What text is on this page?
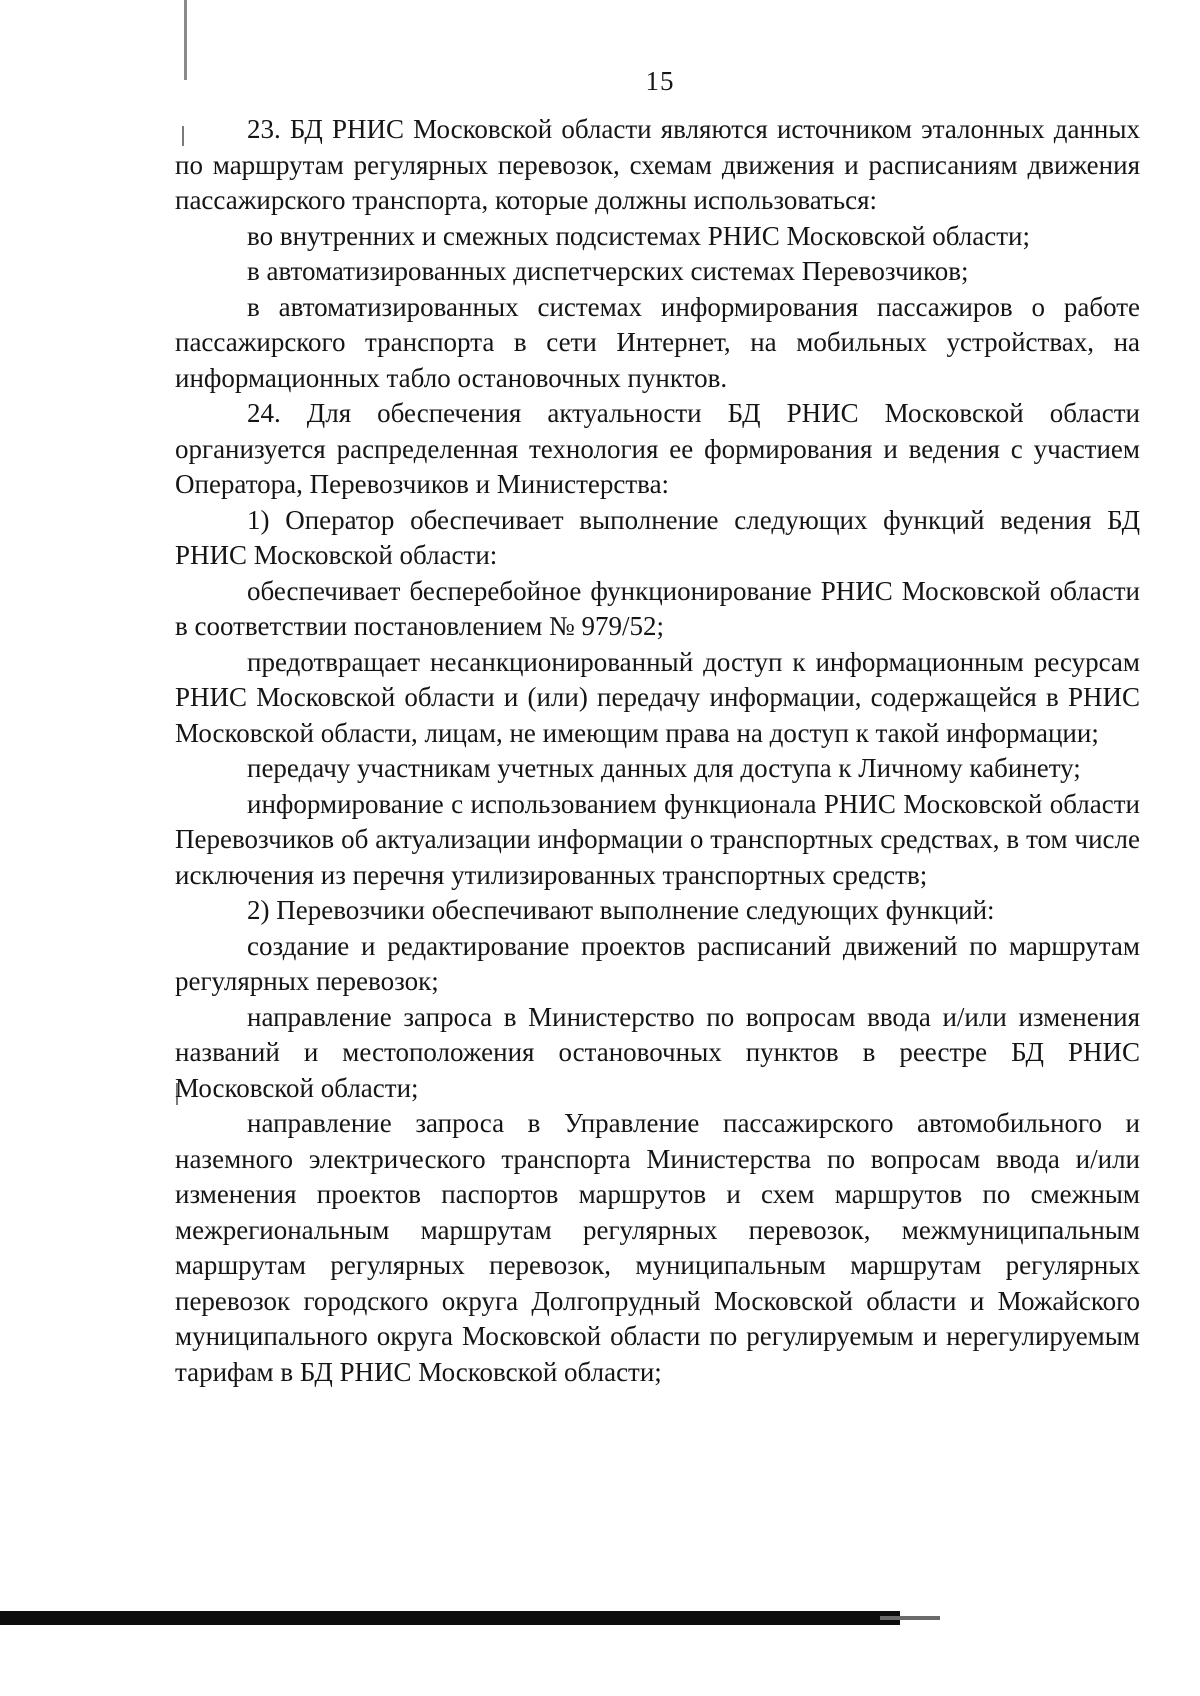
15

23. БД РНИС Московской области являются источником эталонных данных по маршрутам регулярных перевозок, схемам движения и расписаниям движения пассажирского транспорта, которые должны использоваться:

во внутренних и смежных подсистемах РНИС Московской области;

в автоматизированных диспетчерских системах Перевозчиков;

в автоматизированных системах информирования пассажиров о работе пассажирского транспорта в сети Интернет, на мобильных устройствах, на информационных табло остановочных пунктов.

24. Для обеспечения актуальности БД РНИС Московской области организуется распределенная технология ее формирования и ведения с участием Оператора, Перевозчиков и Министерства:

1) Оператор обеспечивает выполнение следующих функций ведения БД РНИС Московской области:

обеспечивает бесперебойное функционирование РНИС Московской области в соответствии постановлением № 979/52;

предотвращает несанкционированный доступ к информационным ресурсам РНИС Московской области и (или) передачу информации, содержащейся в РНИС Московской области, лицам, не имеющим права на доступ к такой информации;

передачу участникам учетных данных для доступа к Личному кабинету;

информирование с использованием функционала РНИС Московской области Перевозчиков об актуализации информации о транспортных средствах, в том числе исключения из перечня утилизированных транспортных средств;

2) Перевозчики обеспечивают выполнение следующих функций:

создание и редактирование проектов расписаний движений по маршрутам регулярных перевозок;

направление запроса в Министерство по вопросам ввода и/или изменения названий и местоположения остановочных пунктов в реестре БД РНИС Московской области;

направление запроса в Управление пассажирского автомобильного и наземного электрического транспорта Министерства по вопросам ввода и/или изменения проектов паспортов маршрутов и схем маршрутов по смежным межрегиональным маршрутам регулярных перевозок, межмуниципальным маршрутам регулярных перевозок, муниципальным маршрутам регулярных перевозок городского округа Долгопрудный Московской области и Можайского муниципального округа Московской области по регулируемым и нерегулируемым тарифам в БД РНИС Московской области;
